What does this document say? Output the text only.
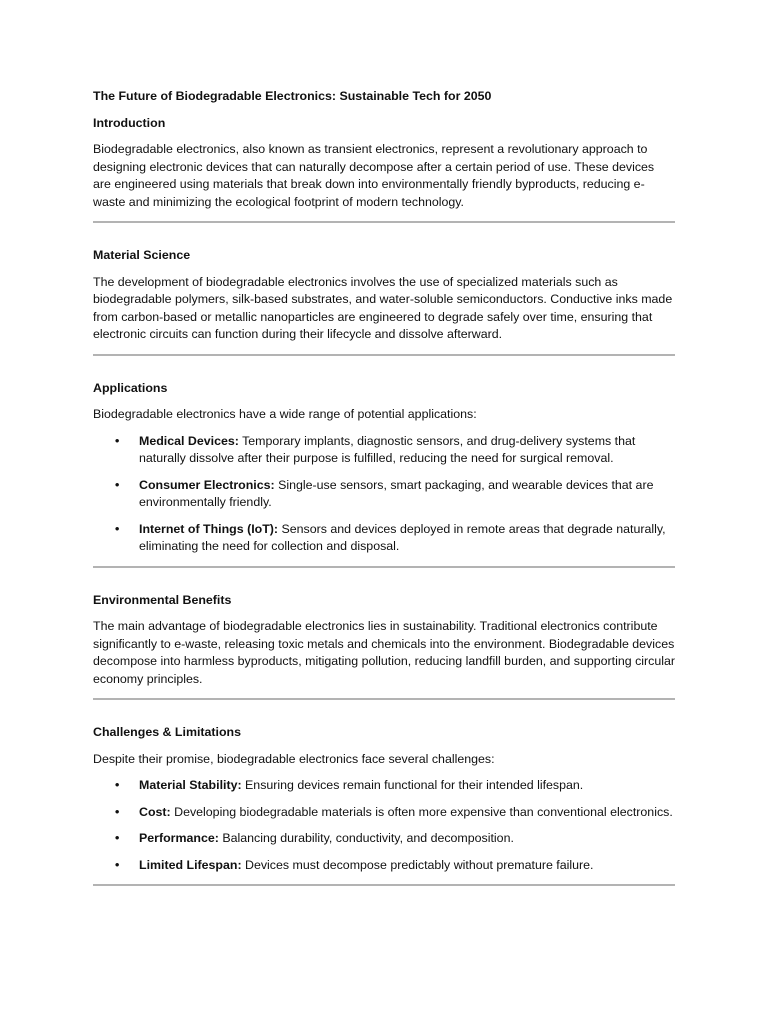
The Future of Biodegradable Electronics: Sustainable Tech for 2050
Introduction
Biodegradable electronics, also known as transient electronics, represent a revolutionary approach to designing electronic devices that can naturally decompose after a certain period of use. These devices are engineered using materials that break down into environmentally friendly byproducts, reducing e-waste and minimizing the ecological footprint of modern technology.
Material Science
The development of biodegradable electronics involves the use of specialized materials such as biodegradable polymers, silk-based substrates, and water-soluble semiconductors. Conductive inks made from carbon-based or metallic nanoparticles are engineered to degrade safely over time, ensuring that electronic circuits can function during their lifecycle and dissolve afterward.
Applications
Biodegradable electronics have a wide range of potential applications:
• Medical Devices: Temporary implants, diagnostic sensors, and drug-delivery systems that naturally dissolve after their purpose is fulfilled, reducing the need for surgical removal.
• Consumer Electronics: Single-use sensors, smart packaging, and wearable devices that are environmentally friendly.
• Internet of Things (IoT): Sensors and devices deployed in remote areas that degrade naturally, eliminating the need for collection and disposal.
Environmental Benefits
The main advantage of biodegradable electronics lies in sustainability. Traditional electronics contribute significantly to e-waste, releasing toxic metals and chemicals into the environment. Biodegradable devices decompose into harmless byproducts, mitigating pollution, reducing landfill burden, and supporting circular economy principles.
Challenges & Limitations
Despite their promise, biodegradable electronics face several challenges:
• Material Stability: Ensuring devices remain functional for their intended lifespan.
• Cost: Developing biodegradable materials is often more expensive than conventional electronics.
• Performance: Balancing durability, conductivity, and decomposition.
• Limited Lifespan: Devices must decompose predictably without premature failure.
